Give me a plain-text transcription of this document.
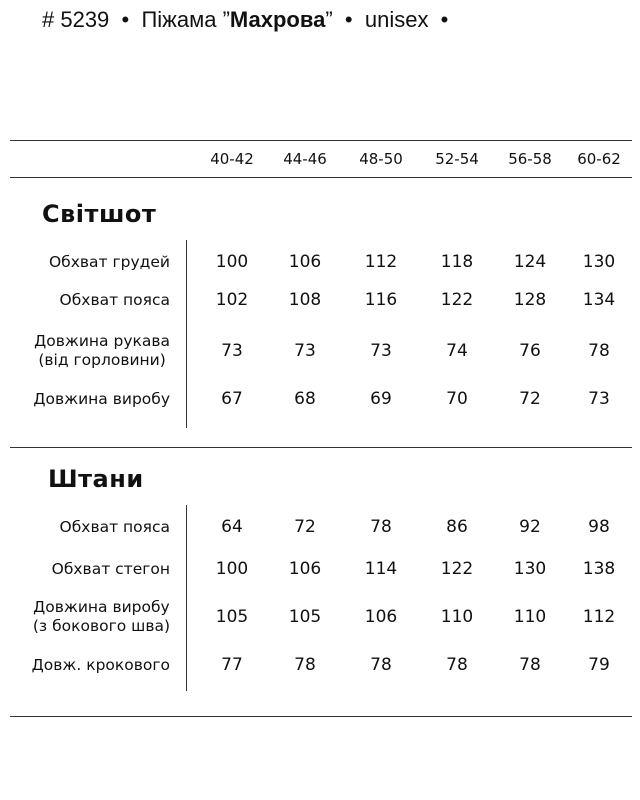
# 5239 • Піжама ”Махрова” • unisex •
40-42 44-46 48-50 52-54 56-58 60-62
Світшот
Обхват грудей	100 106	112	118 124 130
Обхват пояса	102 108	116	122 128 134
Довжина рукава
(від горловини)	73	73	73	74	76	78
Довжина виробу	67	68	69	70	72	73
Штани
Обхват пояса	64	72	78	86	92	98
Обхват стегон	100 106	114	122 130 138
Довжина виробу
(з бокового шва)	105 105	106	110 110 112
Довж. крокового	77	78	78	78	78	79
